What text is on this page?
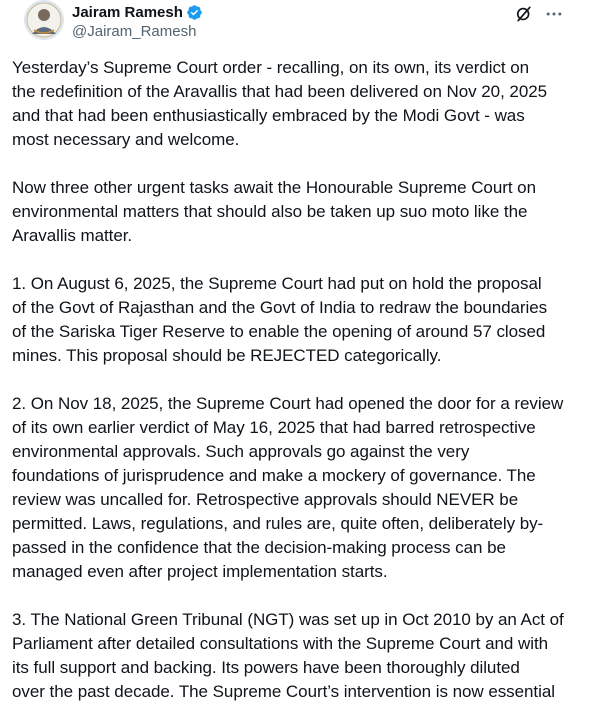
Jairam Ramesh
@Jairam_Ramesh

Yesterday’s Supreme Court order - recalling, on its own, its verdict on
the redefinition of the Aravallis that had been delivered on Nov 20, 2025
and that had been enthusiastically embraced by the Modi Govt - was
most necessary and welcome.

Now three other urgent tasks await the Honourable Supreme Court on
environmental matters that should also be taken up suo moto like the
Aravallis matter.

1. On August 6, 2025, the Supreme Court had put on hold the proposal
of the Govt of Rajasthan and the Govt of India to redraw the boundaries
of the Sariska Tiger Reserve to enable the opening of around 57 closed
mines. This proposal should be REJECTED categorically.

2. On Nov 18, 2025, the Supreme Court had opened the door for a review
of its own earlier verdict of May 16, 2025 that had barred retrospective
environmental approvals. Such approvals go against the very
foundations of jurisprudence and make a mockery of governance. The
review was uncalled for. Retrospective approvals should NEVER be
permitted. Laws, regulations, and rules are, quite often, deliberately by-
passed in the confidence that the decision-making process can be
managed even after project implementation starts.

3. The National Green Tribunal (NGT) was set up in Oct 2010 by an Act of
Parliament after detailed consultations with the Supreme Court and with
its full support and backing. Its powers have been thoroughly diluted
over the past decade. The Supreme Court’s intervention is now essential
